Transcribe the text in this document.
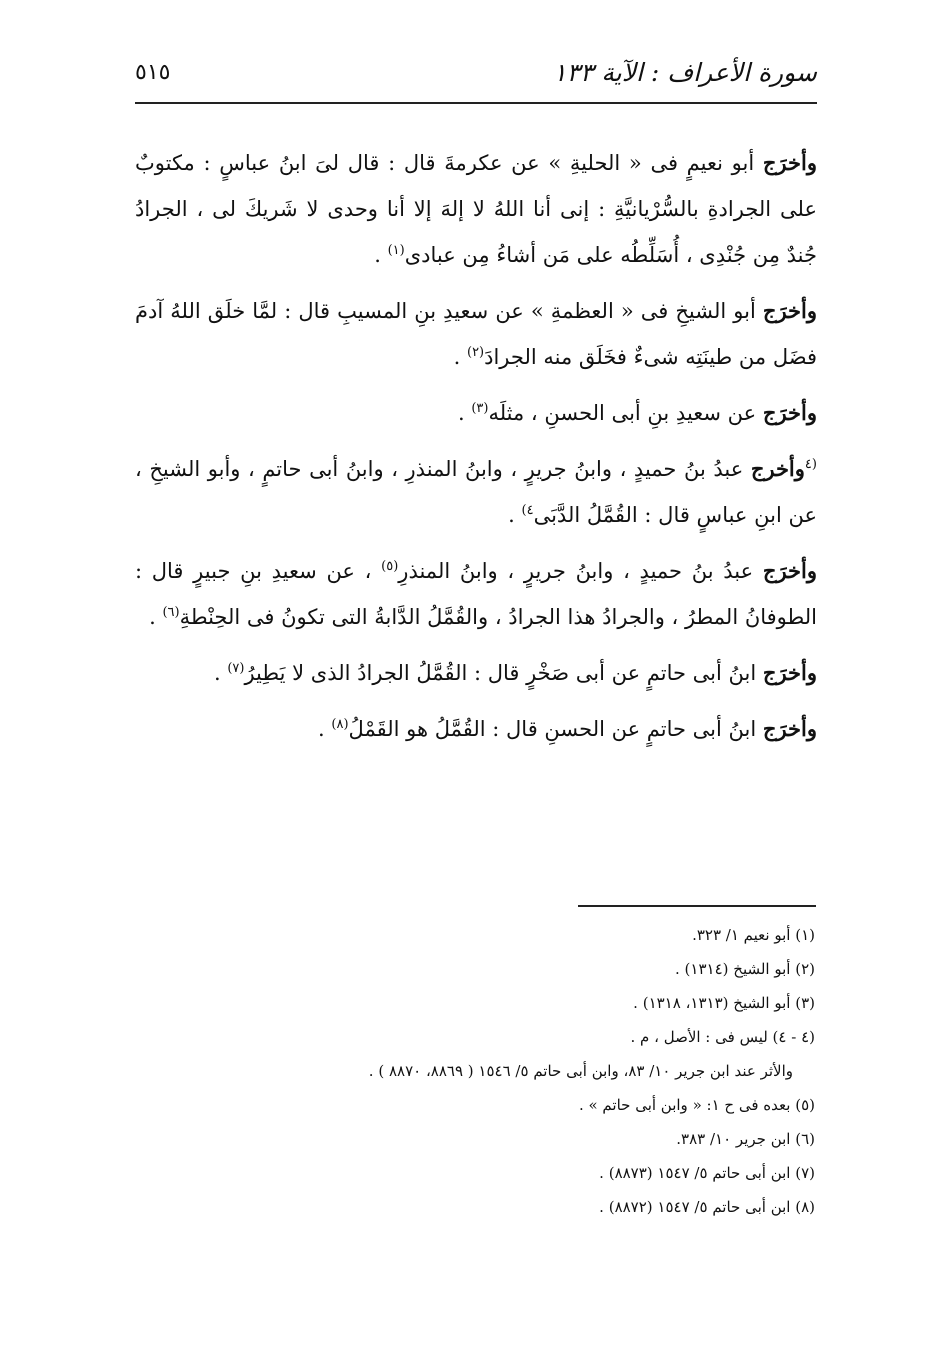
سورة الأعراف : الآية ١٣٣
٥١٥

وأخرَج أبو نعيمٍ فى « الحليةِ » عن عكرمةَ قال : قال لىَ ابنُ عباسٍ : مكتوبٌ على الجرادةِ بالسُّرْيانيَّةِ : إنى أنا اللهُ لا إلهَ إلا أنا وحدى لا شَريكَ لى ، الجرادُ جُندٌ مِن جُنْدِى ، أُسَلِّطُه على مَن أشاءُ مِن عبادى$^{(١)}$ .

وأخرَج أبو الشيخِ فى « العظمةِ » عن سعيدِ بنِ المسيبِ قال : لمَّا خلَق اللهُ آدمَ فضَل من طينَتِه شىءٌ فخَلَق منه الجرادَ$^{(٢)}$ .

وأخرَج عن سعيدِ بنِ أبى الحسنِ ، مثلَه$^{(٣)}$ .

$^{(٤}$وأخرج عبدُ بنُ حميدٍ ، وابنُ جريرٍ ، وابنُ المنذرِ ، وابنُ أبى حاتمٍ ، وأبو الشيخِ ، عن ابنِ عباسٍ قال : القُمَّلُ الدَّبَى$^{٤)}$ .

وأخرَج عبدُ بنُ حميدٍ ، وابنُ جريرٍ ، وابنُ المنذرِ$^{(٥)}$ ، عن سعيدِ بنِ جبيرٍ قال : الطوفانُ المطرُ ، والجرادُ هذا الجرادُ ، والقُمَّلُ الدَّابةُ التى تكونُ فى الحِنْطةِ$^{(٦)}$ .

وأخرَج ابنُ أبى حاتمٍ عن أبى صَخْرٍ قال : القُمَّلُ الجرادُ الذى لا يَطِيرُ$^{(٧)}$ .

وأخرَج ابنُ أبى حاتمٍ عن الحسنِ قال : القُمَّلُ هو القَمْلُ$^{(٨)}$ .

(١) أبو نعيم ١/ ٣٢٣.
(٢) أبو الشيخ (١٣١٤) .
(٣) أبو الشيخ (١٣١٣، ١٣١٨) .
(٤ - ٤) ليس فى : الأصل ، م .
والأثر عند ابن جرير ١٠/ ٨٣، وابن أبى حاتم ٥/ ١٥٤٦ ( ٨٨٦٩، ٨٨٧٠ ) .
(٥) بعده فى ح ١: « وابن أبى حاتم » .
(٦) ابن جرير ١٠/ ٣٨٣.
(٧) ابن أبى حاتم ٥/ ١٥٤٧ (٨٨٧٣) .
(٨) ابن أبى حاتم ٥/ ١٥٤٧ (٨٨٧٢) .
